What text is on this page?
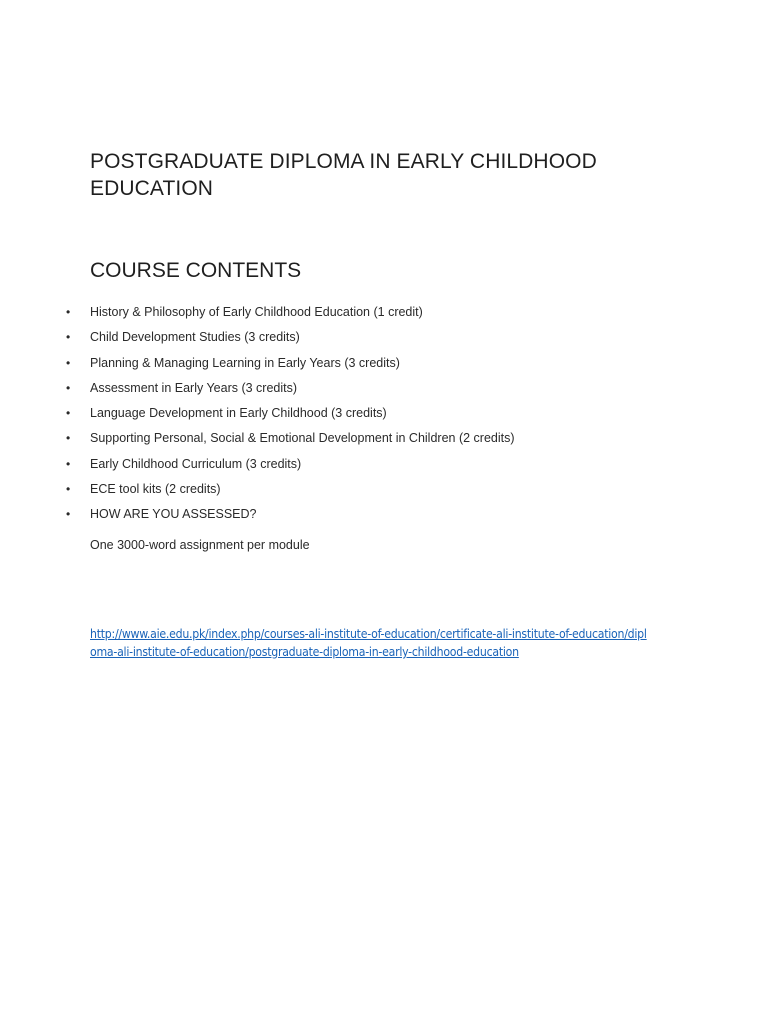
POSTGRADUATE DIPLOMA IN EARLY CHILDHOOD EDUCATION
COURSE CONTENTS
• History & Philosophy of Early Childhood Education (1 credit)
• Child Development Studies (3 credits)
• Planning & Managing Learning in Early Years (3 credits)
• Assessment in Early Years (3 credits)
• Language Development in Early Childhood (3 credits)
• Supporting Personal, Social & Emotional Development in Children (2 credits)
• Early Childhood Curriculum (3 credits)
• ECE tool kits (2 credits)
• HOW ARE YOU ASSESSED?

One 3000-word assignment per module

http://www.aie.edu.pk/index.php/courses-ali-institute-of-education/certificate-ali-institute-of-education/diploma-ali-institute-of-education/postgraduate-diploma-in-early-childhood-education
